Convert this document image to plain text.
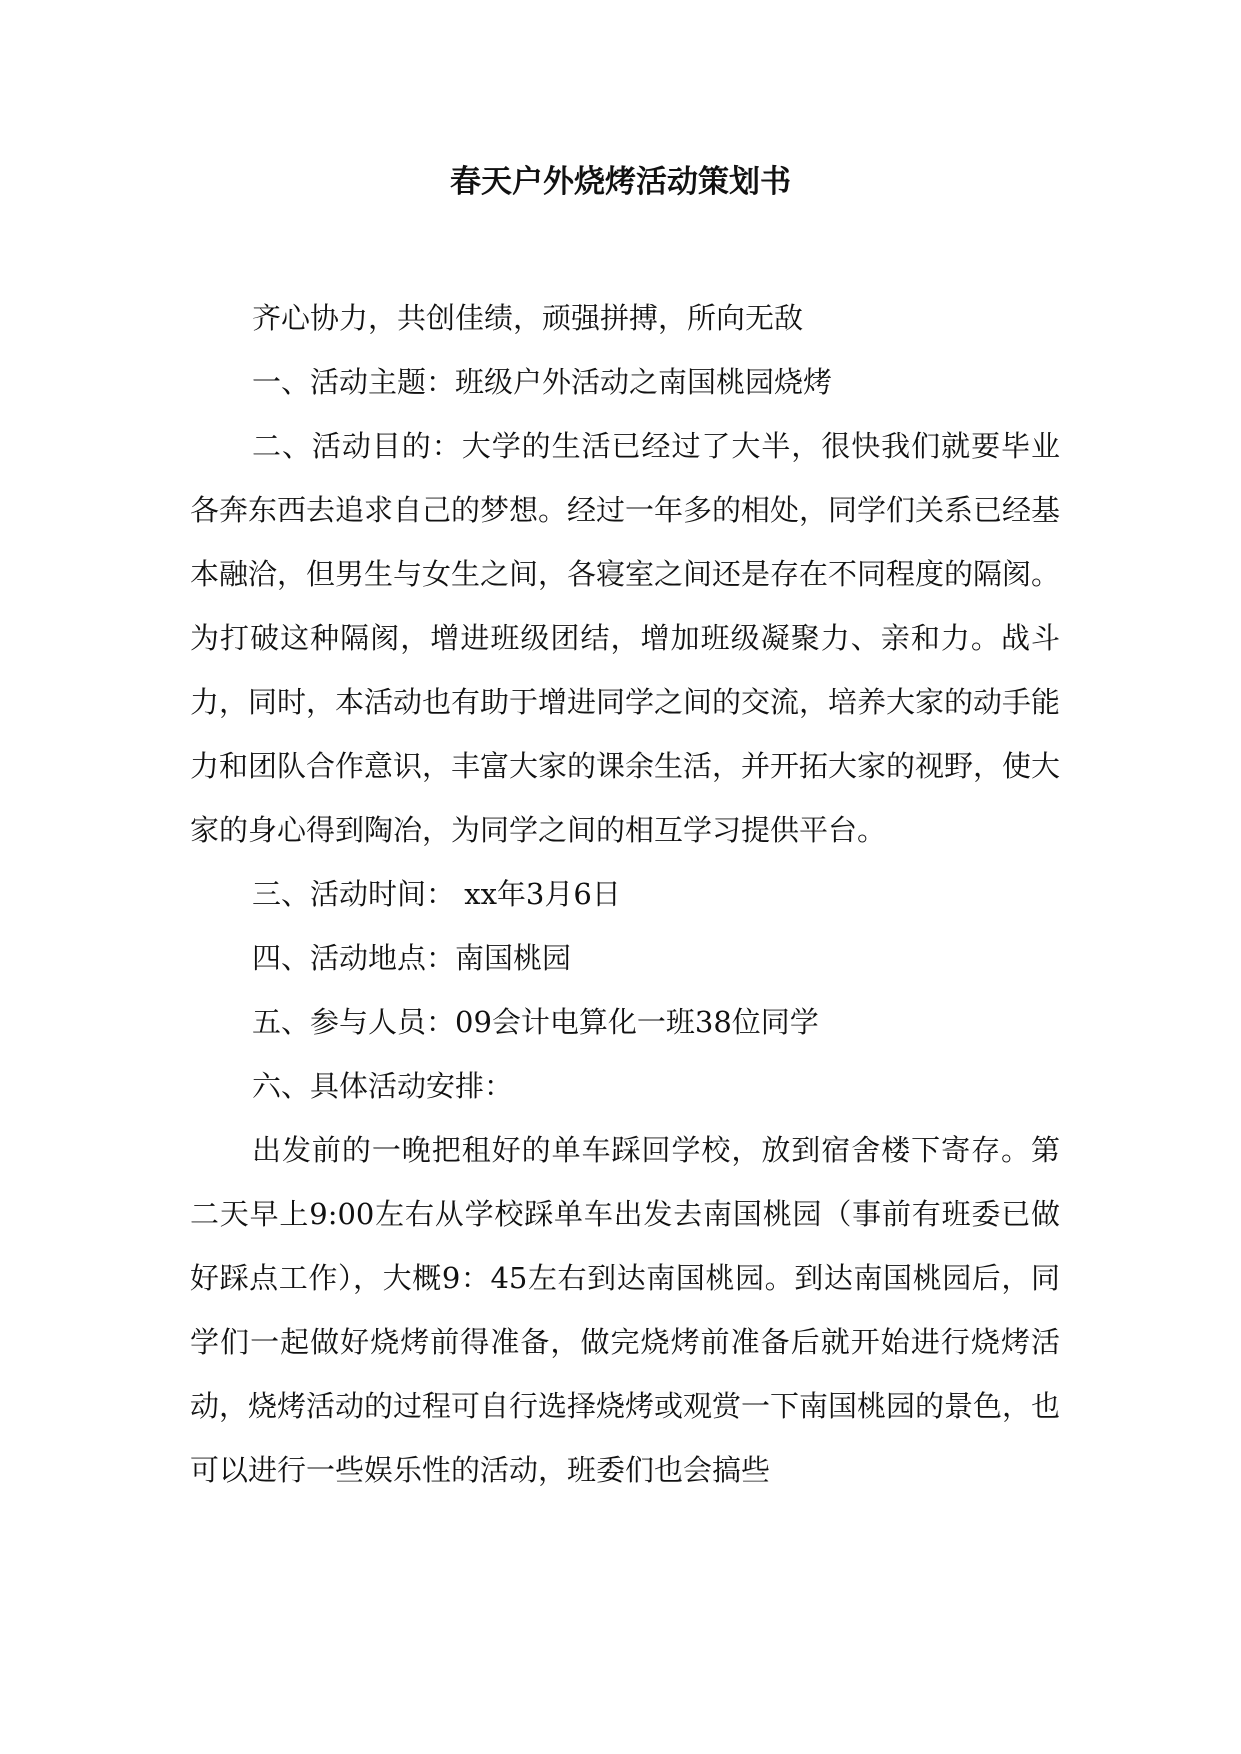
春天户外烧烤活动策划书

齐心协力，共创佳绩，顽强拼搏，所向无敌

一、活动主题：班级户外活动之南国桃园烧烤

二、活动目的：大学的生活已经过了大半，很快我们就要毕业各奔东西去追求自己的梦想。经过一年多的相处，同学们关系已经基本融洽，但男生与女生之间，各寝室之间还是存在不同程度的隔阂。为打破这种隔阂，增进班级团结，增加班级凝聚力、亲和力。战斗力，同时，本活动也有助于增进同学之间的交流，培养大家的动手能力和团队合作意识，丰富大家的课余生活，并开拓大家的视野，使大家的身心得到陶冶，为同学之间的相互学习提供平台。

三、活动时间： xx年3月6日

四、活动地点：南国桃园

五、参与人员：09会计电算化一班38位同学

六、具体活动安排：

出发前的一晚把租好的单车踩回学校，放到宿舍楼下寄存。第二天早上9:00左右从学校踩单车出发去南国桃园（事前有班委已做好踩点工作），大概9：45左右到达南国桃园。到达南国桃园后，同学们一起做好烧烤前得准备，做完烧烤前准备后就开始进行烧烤活动，烧烤活动的过程可自行选择烧烤或观赏一下南国桃园的景色，也可以进行一些娱乐性的活动，班委们也会搞些
